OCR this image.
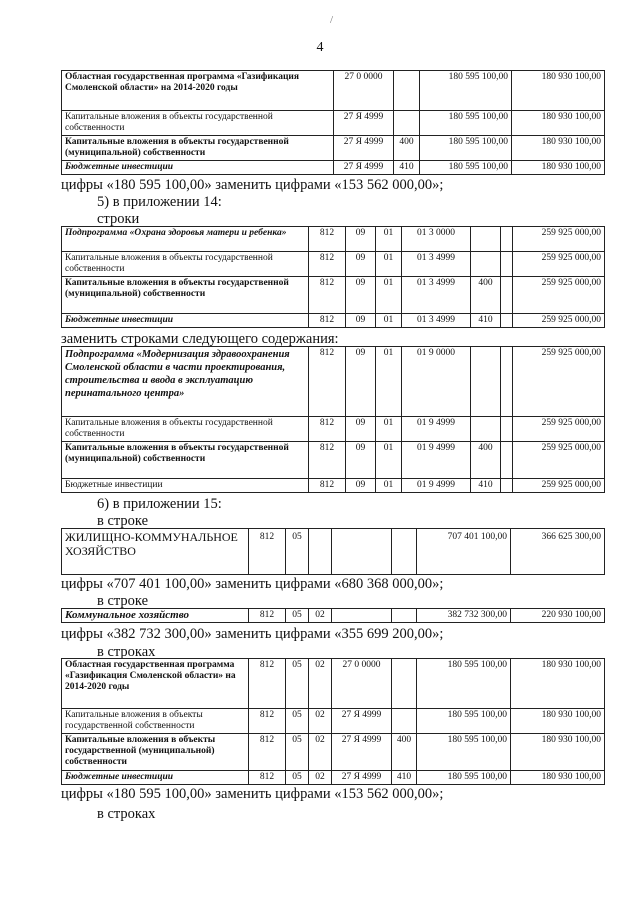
/
4
Областная государственная программа «Газификация Смоленской области» на 2014-2020 годы	27 0 0000		180 595 100,00	180 930 100,00
Капитальные вложения в объекты государственной собственности	27 Я 4999		180 595 100,00	180 930 100,00
Капитальные вложения в объекты государственной (муниципальной) собственности	27 Я 4999	400	180 595 100,00	180 930 100,00
Бюджетные инвестиции	27 Я 4999	410	180 595 100,00	180 930 100,00
цифры «180 595 100,00» заменить цифрами «153 562 000,00»;
5) в приложении 14:
строки
Подпрограмма «Охрана здоровья матери и ребенка»	812	09	01	01 3 0000			259 925 000,00
Капитальные вложения в объекты государственной собственности	812	09	01	01 3 4999			259 925 000,00
Капитальные вложения в объекты государственной (муниципальной) собственности	812	09	01	01 3 4999	400		259 925 000,00
Бюджетные инвестиции	812	09	01	01 3 4999	410		259 925 000,00
заменить строками следующего содержания:
Подпрограмма «Модернизация здравоохранения Смоленской области в части проектирования, строительства и ввода в эксплуатацию перинатального центра»	812	09	01	01 9 0000			259 925 000,00
Капитальные вложения в объекты государственной собственности	812	09	01	01 9 4999			259 925 000,00
Капитальные вложения в объекты государственной (муниципальной) собственности	812	09	01	01 9 4999	400		259 925 000,00
Бюджетные инвестиции	812	09	01	01 9 4999	410		259 925 000,00
6) в приложении 15:
в строке
ЖИЛИЩНО-КОММУНАЛЬНОЕ ХОЗЯЙСТВО	812	05				707 401 100,00	366 625 300,00
цифры «707 401 100,00» заменить цифрами «680 368 000,00»;
в строке
Коммунальное хозяйство	812	05	02			382 732 300,00	220 930 100,00
цифры «382 732 300,00» заменить цифрами «355 699 200,00»;
в строках
Областная государственная программа «Газификация Смоленской области» на 2014-2020 годы	812	05	02	27 0 0000		180 595 100,00	180 930 100,00
Капитальные вложения в объекты государственной собственности	812	05	02	27 Я 4999		180 595 100,00	180 930 100,00
Капитальные вложения в объекты государственной (муниципальной) собственности	812	05	02	27 Я 4999	400	180 595 100,00	180 930 100,00
Бюджетные инвестиции	812	05	02	27 Я 4999	410	180 595 100,00	180 930 100,00
цифры «180 595 100,00» заменить цифрами «153 562 000,00»;
в строках
